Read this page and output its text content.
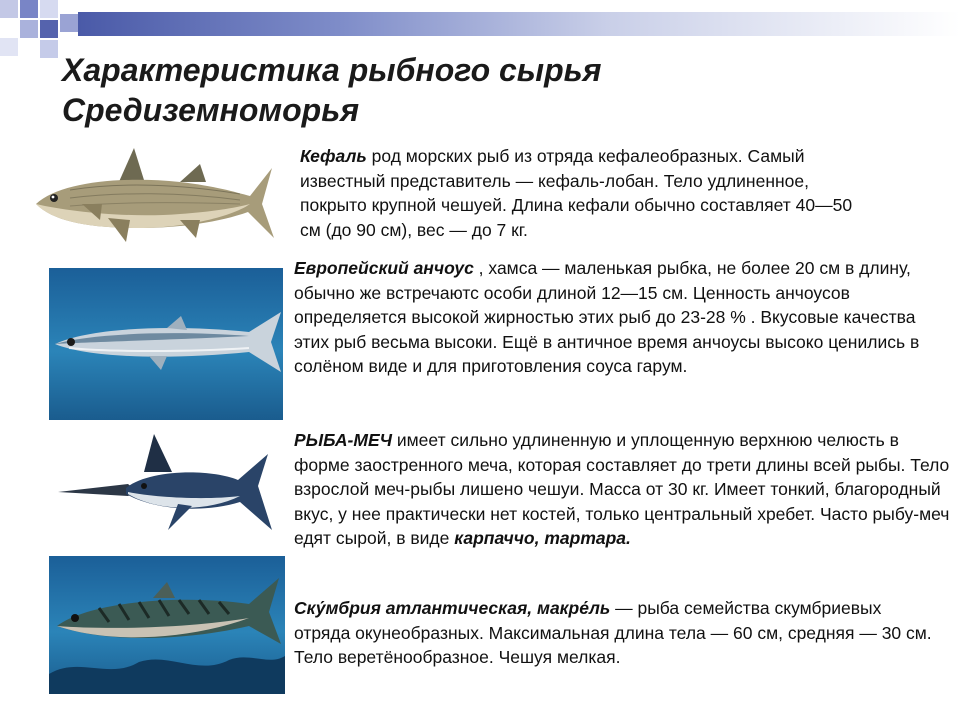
Характеристика рыбного сырья
Средиземноморья

Кефаль род морских рыб из отряда кефалеобразных. Самый известный представитель — кефаль-лобан. Тело удлиненное, покрыто крупной чешуей. Длина кефали обычно составляет 40—50 см (до 90 см), вес — до 7 кг.

Европейский анчоус , хамса — маленькая рыбка, не более 20 см в длину, обычно же встречаютс особи длиной 12—15 см. Ценность анчоусов определяется высокой жирностью этих рыб до 23-28 % . Вкусовые качества этих рыб весьма высоки. Ещё в античное время анчоусы высоко ценились в солёном виде и для приготовления соуса гарум.

РЫБА-МЕЧ имеет сильно удлиненную и уплощенную верхнюю челюсть в форме заостренного меча, которая составляет до трети длины всей рыбы. Тело взрослой меч-рыбы лишено чешуи. Масса от 30 кг. Имеет тонкий, благородный вкус, у нее практически нет костей, только центральный хребет. Часто рыбу-меч едят сырой, в виде карпаччо, тартара.

Ску́мбрия атлантическая, макре́ль — рыба семейства скумбриевых отряда окунеобразных. Максимальная длина тела — 60 см, средняя — 30 см. Тело веретёнообразное. Чешуя мелкая.
